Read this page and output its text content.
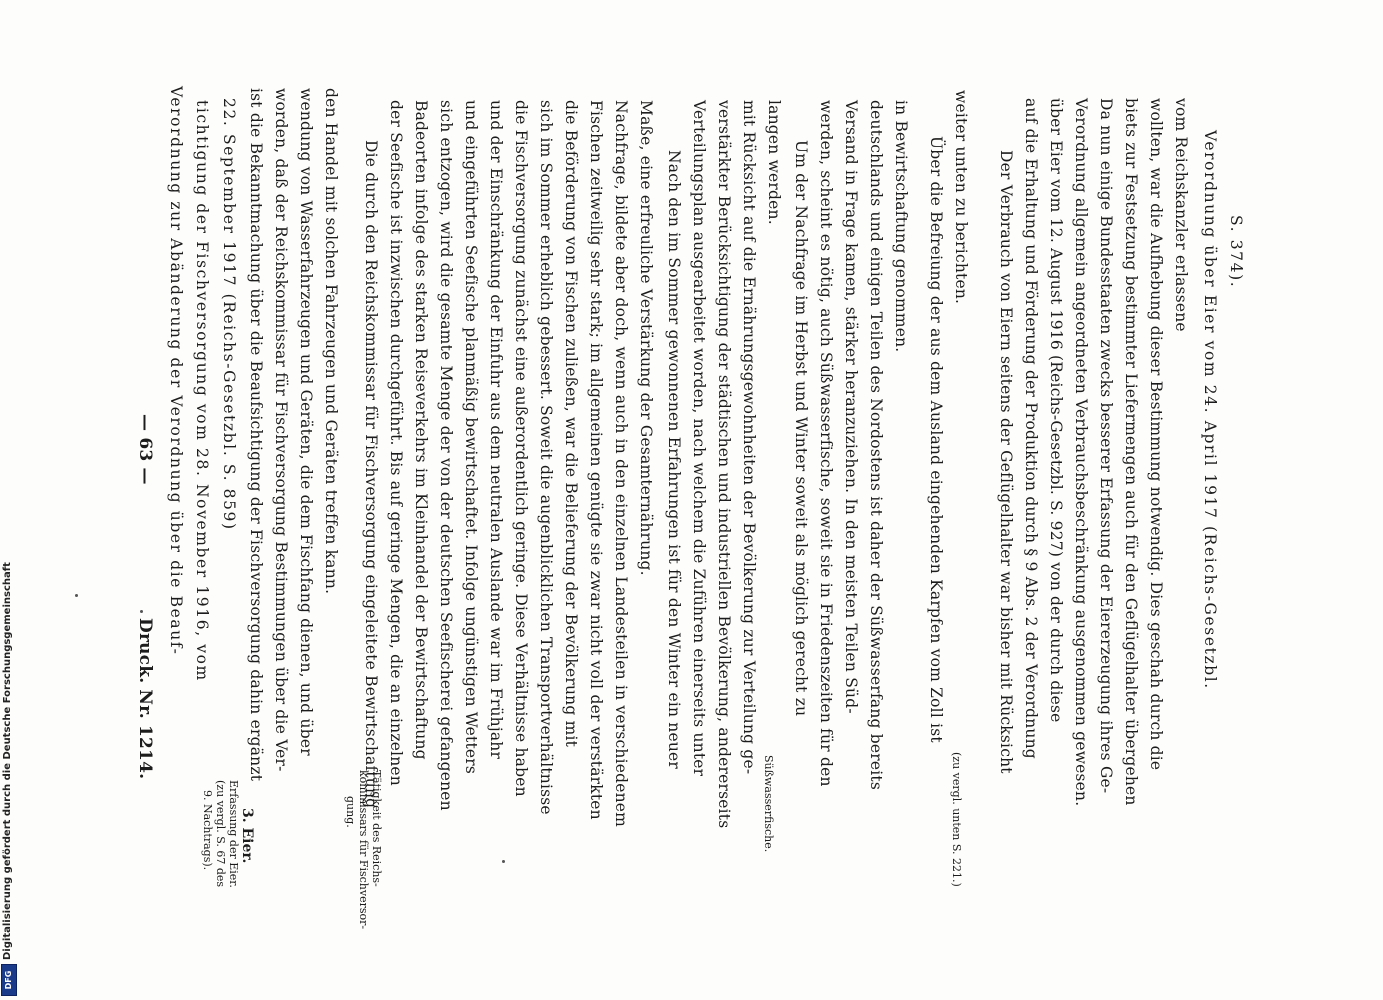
— 63 —
Druck. Nr. 1214.
Verordnung zur Abänderung der Verordnung über die Beauf- tichtigung der Fischversorgung vom 28. November 1916, vom 22. September 1917 (Reichs-Gesetzbl. S. 859) ist die Bekanntmachung über die Beaufsichtigung der Fischversorgung dahin ergänzt worden, daß der Reichskommissar für Fischversorgung Bestimmungen über die Ver- wendung von Wasserfahrzeugen und Geräten, die dem Fischfang dienen, und über den Handel mit solchen Fahrzeugen und Geräten treffen kann. Die durch den Reichskommissar für Fischversorgung eingeleitete Bewirtschaftung der Seefische ist inzwischen durchgeführt. Bis auf geringe Mengen, die an einzelnen Badeorten infolge des starken Reiseverkehrs im Kleinhandel der Bewirtschaftung sich entzogen, wird die gesamte Menge der von der deutschen Seefischerei gefangenen und eingeführten Seefische planmäßig bewirtschaftet. Infolge ungünstigen Wetters und der Einschränkung der Einfuhr aus dem neutralen Auslande war im Frühjahr die Fischversorgung zunächst eine außerordentlich geringe. Diese Verhältnisse haben sich im Sommer erheblich gebessert. Soweit die augenblicklichen Transportverhältnisse die Beförderung von Fischen zuließen, war die Belieferung der Bevölkerung mit Fischen zeitweilig sehr stark; im allgemeinen genügte sie zwar nicht voll der verstärkten Nachfrage, bildete aber doch, wenn auch in den einzelnen Landesteilen in verschiedenem Maße, eine erfreuliche Verstärkung der Gesamternährung. Nach den im Sommer gewonnenen Erfahrungen ist für den Winter ein neuer Verteilungsplan ausgearbeitet worden, nach welchem die Zuführen einerseits unter verstärkter Berücksichtigung der städtischen und industriellen Bevölkerung, andererseits mit Rücksicht auf die Ernährungsgewohnheiten der Bevölkerung zur Verteilung ge- langen werden. Um der Nachfrage im Herbst und Winter soweit als möglich gerecht zu werden, scheint es nötig, auch Süßwasserfische, soweit sie in Friedenszeiten für den Versand in Frage kamen, stärker heranzuziehen. In den meisten Teilen Süd- deutschlands und einigen Teilen des Nordostens ist daher der Süßwasserfang bereits in Bewirtschaftung genommen. Über die Befreiung der aus dem Ausland eingehenden Karpfen vom Zoll ist weiter unten zu berichten.
(zu vergl. unten S. 221.)
Der Verbrauch von Eiern seitens der Geflügelhalter war bisher mit Rücksicht auf die Erhaltung und Förderung der Produktion durch § 9 Abs. 2 der Verordnung über Eier vom 12. August 1916 (Reichs-Gesetzbl. S. 927) von der durch diese Verordnung allgemein angeordneten Verbrauchsbeschränkung ausgenommen gewesen. Da nun einige Bundesstaaten zwecks besserer Erfassung der Eiererzeugung ihres Ge- biets zur Festsetzung bestimmter Liefermengen auch für den Geflügelhalter übergehen wollten, war die Aufhebung dieser Bestimmung notwendig. Dies geschah durch die vom Reichskanzler erlassene Verordnung über Eier vom 24. April 1917 (Reichs-Gesetzbl. S. 374).
Tätigkeit des Reichs-
kommissars für Fischversor-
gung.	Süßwasserfische.
3. Eier.
Erfassung der Eier.
(zu vergl. S. 67 des
9. Nachtrags).
Digitalisierung gefördert durch die Deutsche Forschungsgemeinschaft
DFG
